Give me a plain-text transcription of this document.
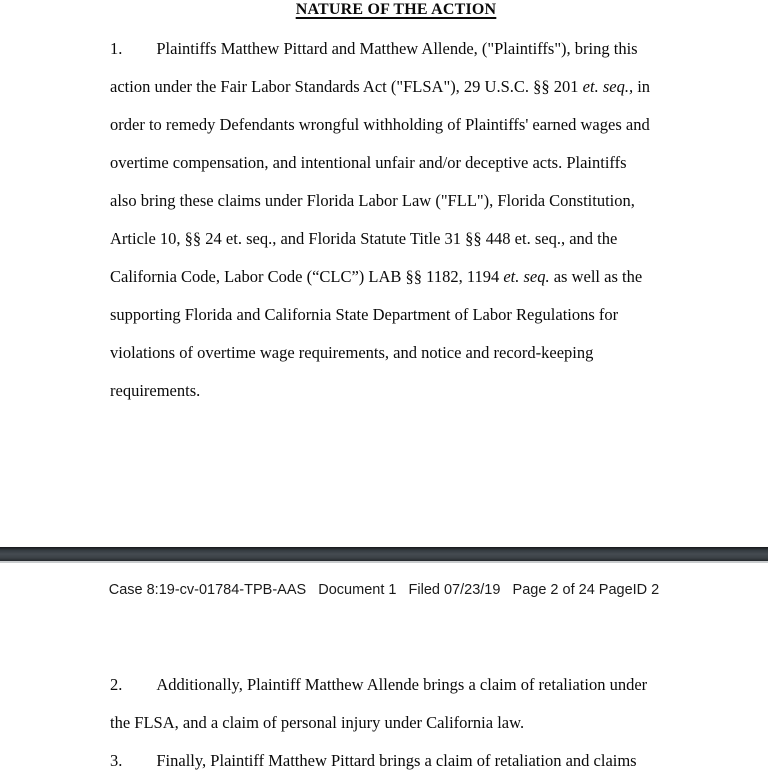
NATURE OF THE ACTION
1. Plaintiffs Matthew Pittard and Matthew Allende, ("Plaintiffs"), bring this
action under the Fair Labor Standards Act ("FLSA"), 29 U.S.C. §§ 201 et. seq., in
order to remedy Defendants wrongful withholding of Plaintiffs' earned wages and
overtime compensation, and intentional unfair and/or deceptive acts. Plaintiffs
also bring these claims under Florida Labor Law ("FLL"), Florida Constitution,
Article 10, §§ 24 et. seq., and Florida Statute Title 31 §§ 448 et. seq., and the
California Code, Labor Code (“CLC”) LAB §§ 1182, 1194 et. seq. as well as the
supporting Florida and California State Department of Labor Regulations for
violations of overtime wage requirements, and notice and record-keeping
requirements.
Case 8:19-cv-01784-TPB-AAS   Document 1   Filed 07/23/19   Page 2 of 24 PageID 2
2. Additionally, Plaintiff Matthew Allende brings a claim of retaliation under
the FLSA, and a claim of personal injury under California law.
3. Finally, Plaintiff Matthew Pittard brings a claim of retaliation and claims
